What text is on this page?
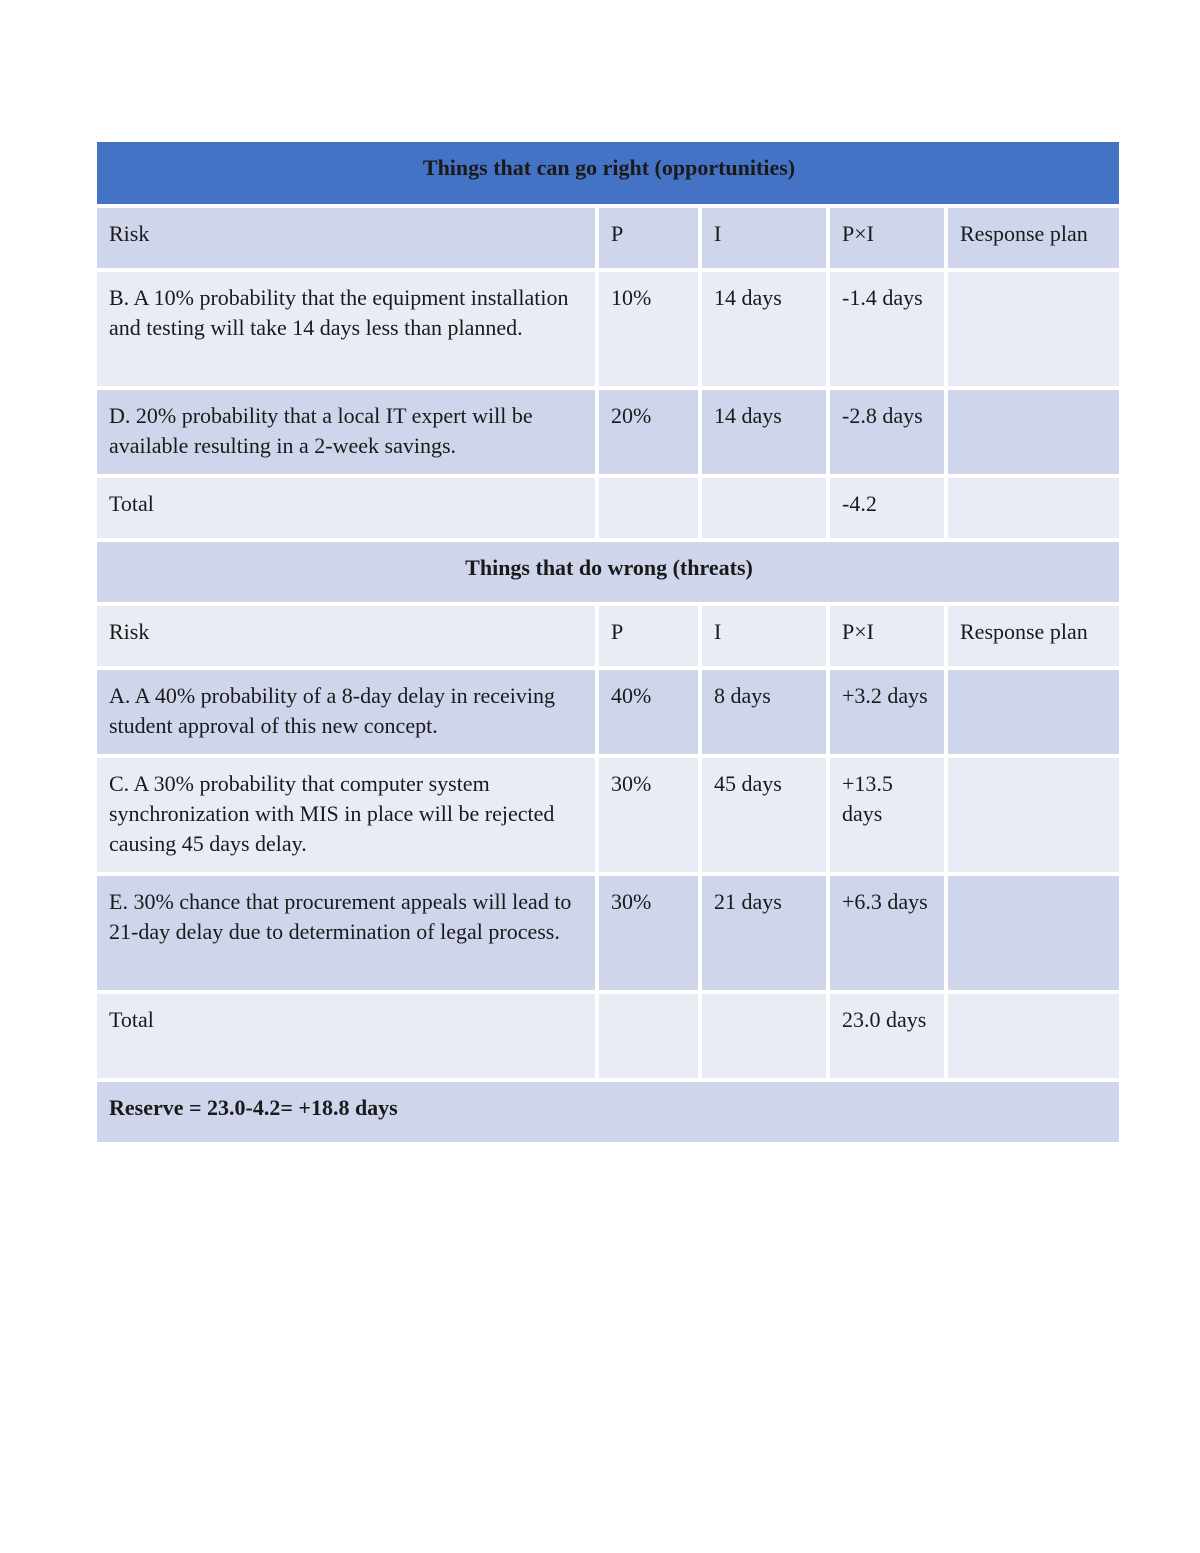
Things that can go right (opportunities)				
Risk	P	I	P×I	Response plan
B. A 10% probability that the equipment installation and testing will take 14 days less than planned.	10%	14 days	-1.4 days	
D. 20% probability that a local IT expert will be available resulting in a 2-week savings.	20%	14 days	-2.8 days	
Total			-4.2	
Things that do wrong (threats)				
Risk	P	I	P×I	Response plan
A. A 40% probability of a 8-day delay in receiving student approval of this new concept.	40%	8 days	+3.2 days	
C. A 30% probability that computer system synchronization with MIS in place will be rejected causing 45 days delay.	30%	45 days	+13.5 days	
E. 30% chance that procurement appeals will lead to 21-day delay due to determination of legal process.	30%	21 days	+6.3 days	
Total			23.0 days	
Reserve = 23.0-4.2= +18.8 days				
